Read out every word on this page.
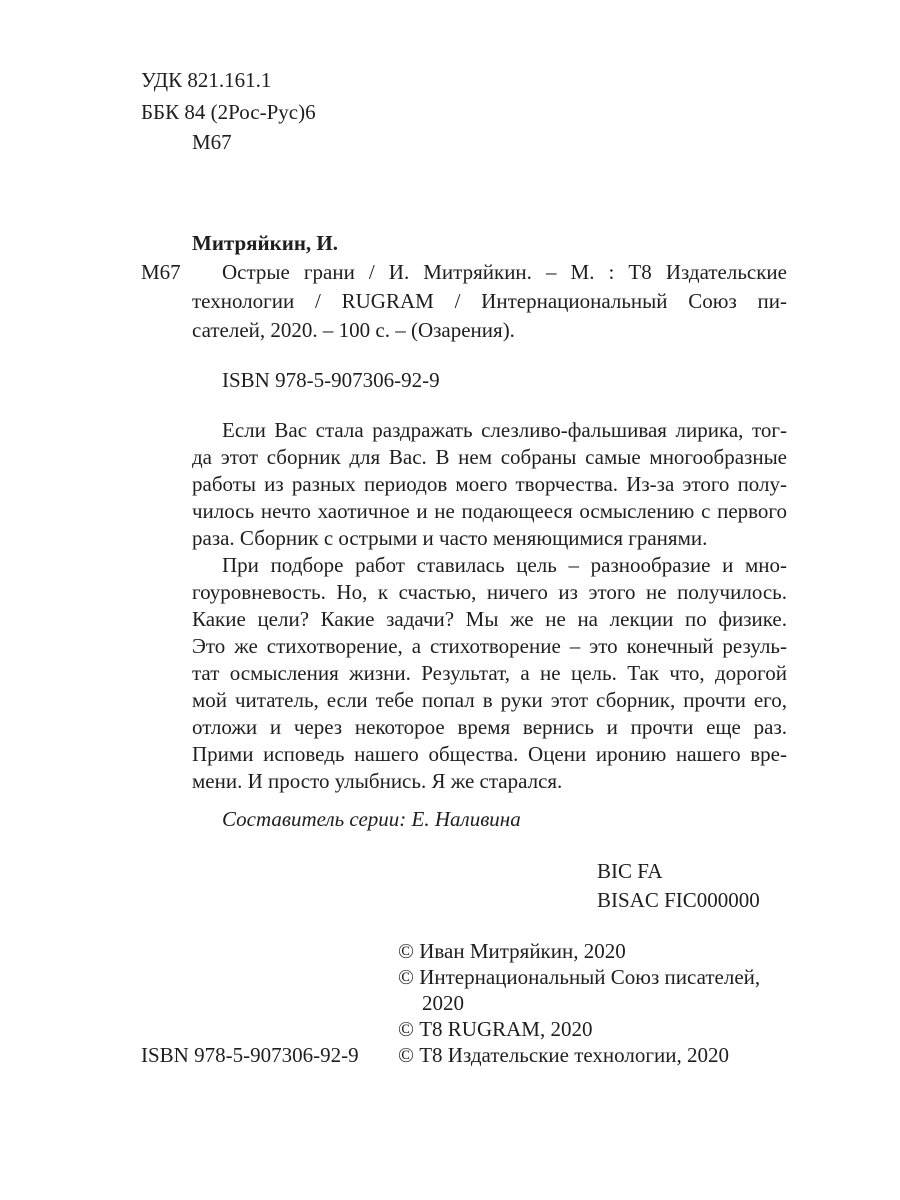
УДК 821.161.1
ББК 84 (2Рос-Рус)6
М67
Митряйкин, И.
М67 Острые грани / И. Митряйкин. – М. : Т8 Издательские
технологии / RUGRAM / Интернациональный Союз пи-
сателей, 2020. – 100 с. – (Озарения).
ISBN 978-5-907306-92-9
Если Вас стала раздражать слезливо-фальшивая лирика, тог-
да этот сборник для Вас. В нем собраны самые многообразные
работы из разных периодов моего творчества. Из-за этого полу-
чилось нечто хаотичное и не подающееся осмыслению с первого
раза. Сборник с острыми и часто меняющимися гранями.
При подборе работ ставилась цель – разнообразие и мно-
гоуровневость. Но, к счастью, ничего из этого не получилось.
Какие цели? Какие задачи? Мы же не на лекции по физике.
Это же стихотворение, а стихотворение – это конечный резуль-
тат осмысления жизни. Результат, а не цель. Так что, дорогой
мой читатель, если тебе попал в руки этот сборник, прочти его,
отложи и через некоторое время вернись и прочти еще раз.
Прими исповедь нашего общества. Оцени иронию нашего вре-
мени. И просто улыбнись. Я же старался.
Составитель серии: Е. Наливина
BIC FA
BISAC FIC000000
© Иван Митряйкин, 2020
© Интернациональный Союз писателей,
2020
© Т8 RUGRAM, 2020
© Т8 Издательские технологии, 2020
ISBN 978-5-907306-92-9
